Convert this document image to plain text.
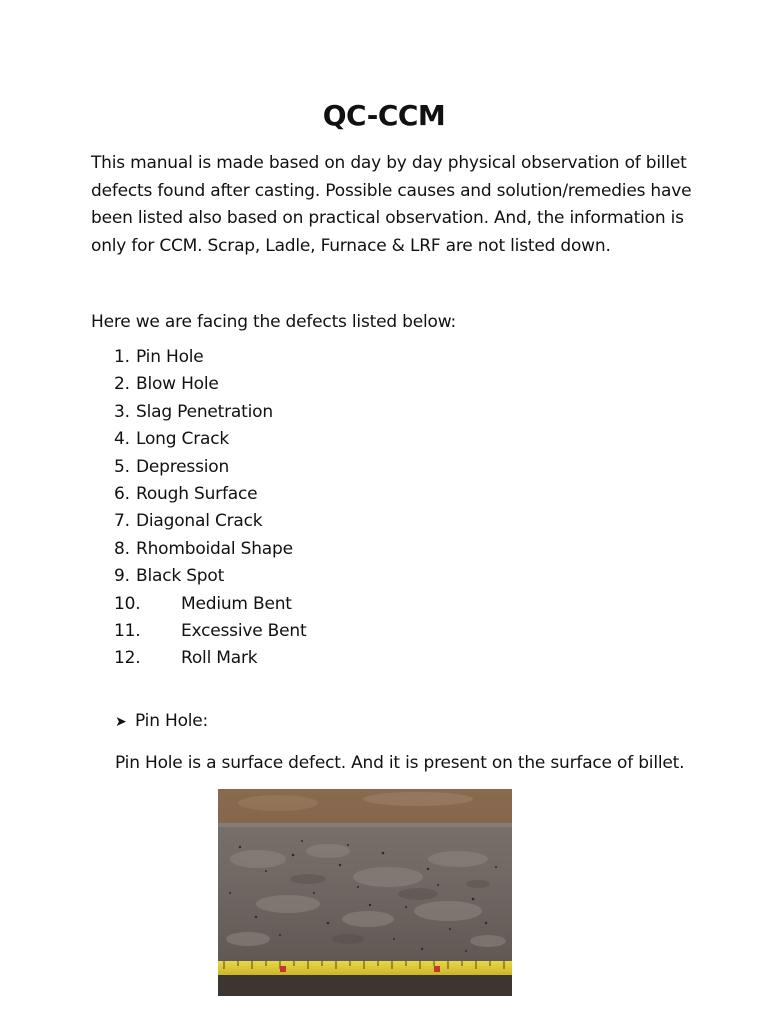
QC-CCM
This manual is made based on day by day physical observation of billet
defects found after casting. Possible causes and solution/remedies have
been listed also based on practical observation. And, the information is
only for CCM. Scrap, Ladle, Furnace & LRF are not listed down.
Here we are facing the defects listed below:
1. Pin Hole
2. Blow Hole
3. Slag Penetration
4. Long Crack
5. Depression
6. Rough Surface
7. Diagonal Crack
8. Rhomboidal Shape
9. Black Spot
10. Medium Bent
11. Excessive Bent
12. Roll Mark
➤ Pin Hole:
Pin Hole is a surface defect. And it is present on the surface of billet.
